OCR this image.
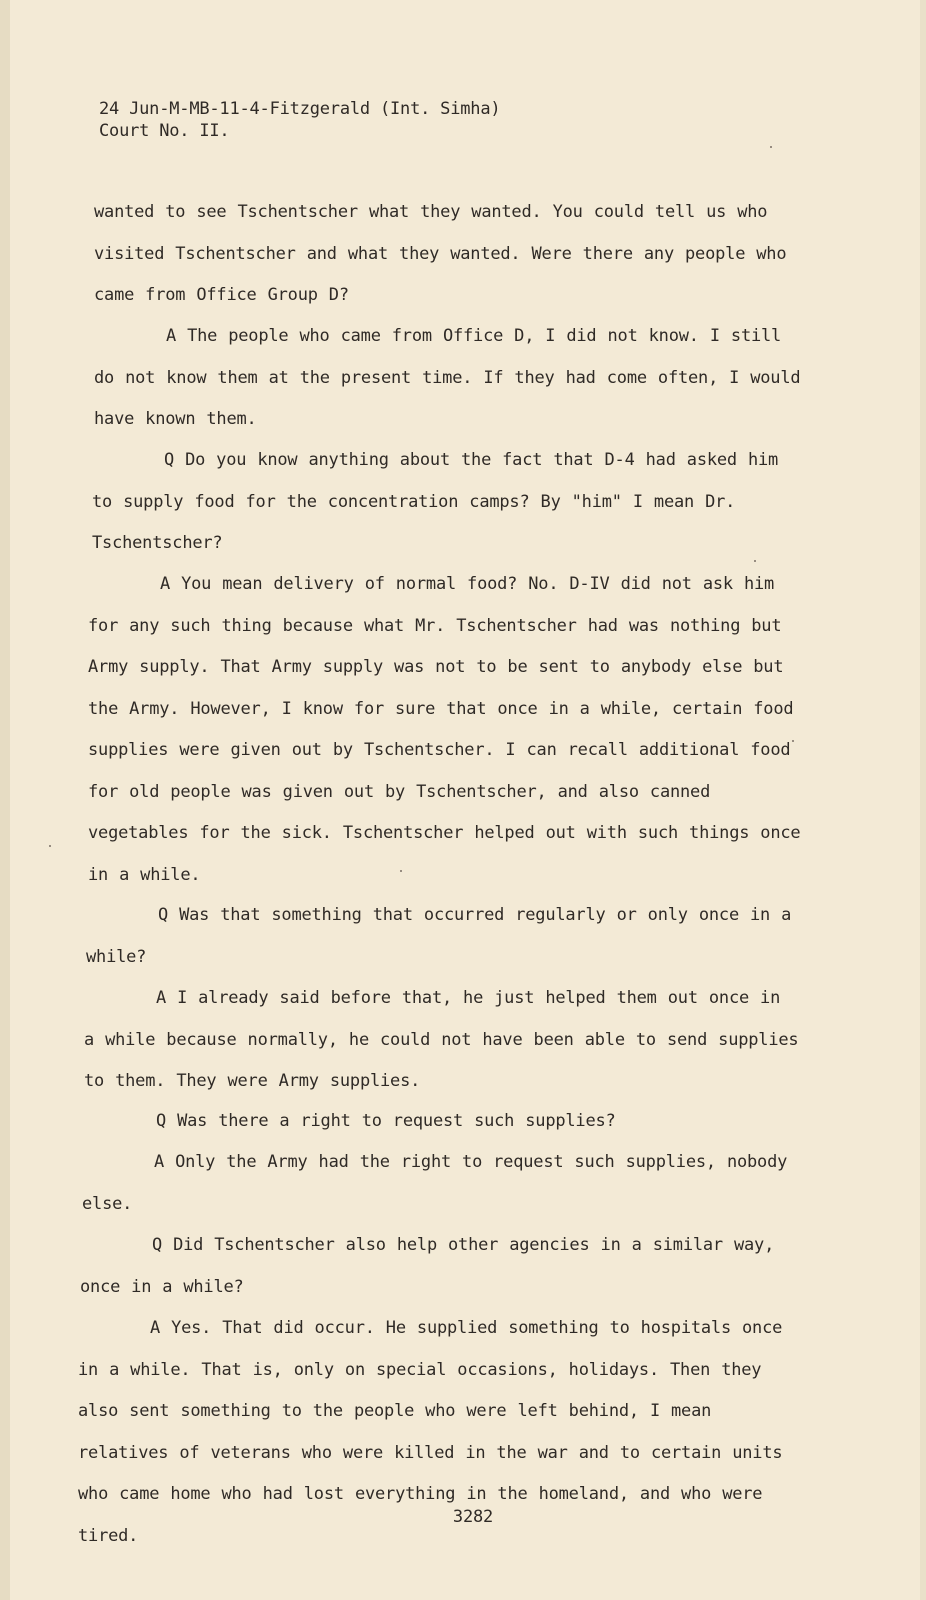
24 Jun-M-MB-11-4-Fitzgerald (Int. Simha)
Court No. II.
wanted to see Tschentscher what they wanted. You could tell us who visited Tschentscher and what they wanted. Were there any people who came from Office Group D?
A The people who came from Office D, I did not know. I still do not know them at the present time. If they had come often, I would have known them.
Q Do you know anything about the fact that D-4 had asked him to supply food for the concentration camps? By "him" I mean Dr. Tschentscher?
A You mean delivery of normal food? No. D-IV did not ask him for any such thing because what Mr. Tschentscher had was nothing but Army supply. That Army supply was not to be sent to anybody else but the Army. However, I know for sure that once in a while, certain food supplies were given out by Tschentscher. I can recall additional food for old people was given out by Tschentscher, and also canned vegetables for the sick. Tschentscher helped out with such things once in a while.
Q Was that something that occurred regularly or only once in a while?
A I already said before that, he just helped them out once in a while because normally, he could not have been able to send supplies to them. They were Army supplies.
Q Was there a right to request such supplies?
A Only the Army had the right to request such supplies, nobody else.
Q Did Tschentscher also help other agencies in a similar way, once in a while?
A Yes. That did occur. He supplied something to hospitals once in a while. That is, only on special occasions, holidays. Then they also sent something to the people who were left behind, I mean relatives of veterans who were killed in the war and to certain units who came home who had lost everything in the homeland, and who were tired.
3282
